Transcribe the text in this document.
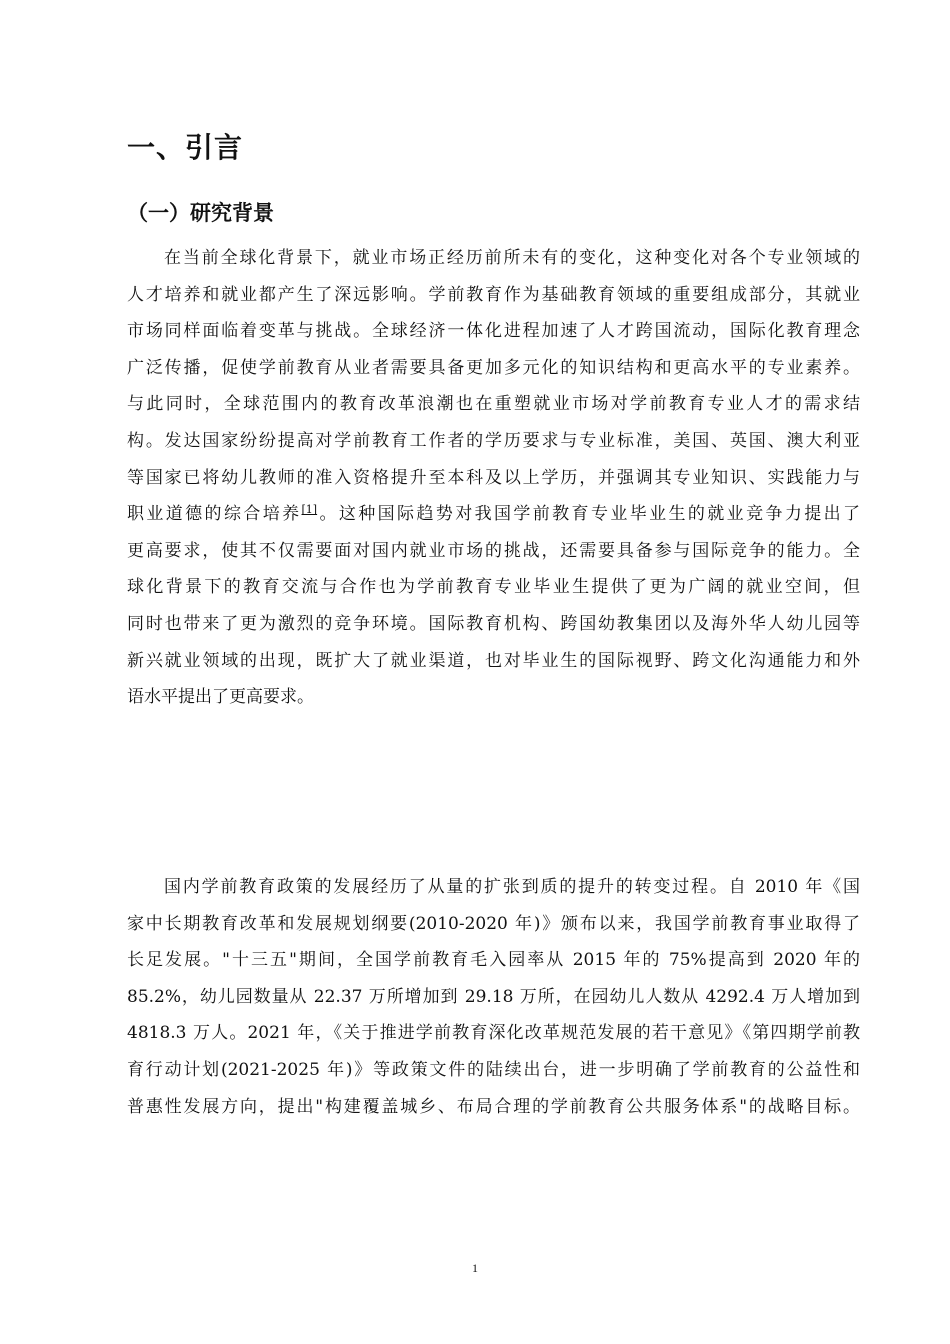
一、引言
（一）研究背景
在当前全球化背景下，就业市场正经历前所未有的变化，这种变化对各个专业领域的
人才培养和就业都产生了深远影响。学前教育作为基础教育领域的重要组成部分，其就业
市场同样面临着变革与挑战。全球经济一体化进程加速了人才跨国流动，国际化教育理念
广泛传播，促使学前教育从业者需要具备更加多元化的知识结构和更高水平的专业素养。
与此同时，全球范围内的教育改革浪潮也在重塑就业市场对学前教育专业人才的需求结
构。发达国家纷纷提高对学前教育工作者的学历要求与专业标准，美国、英国、澳大利亚
等国家已将幼儿教师的准入资格提升至本科及以上学历，并强调其专业知识、实践能力与
职业道德的综合培养[1]。这种国际趋势对我国学前教育专业毕业生的就业竞争力提出了
更高要求，使其不仅需要面对国内就业市场的挑战，还需要具备参与国际竞争的能力。全
球化背景下的教育交流与合作也为学前教育专业毕业生提供了更为广阔的就业空间，但
同时也带来了更为激烈的竞争环境。国际教育机构、跨国幼教集团以及海外华人幼儿园等
新兴就业领域的出现，既扩大了就业渠道，也对毕业生的国际视野、跨文化沟通能力和外
语水平提出了更高要求。
国内学前教育政策的发展经历了从量的扩张到质的提升的转变过程。自 2010 年《国
家中长期教育改革和发展规划纲要(2010-2020 年)》颁布以来，我国学前教育事业取得了
长足发展。"十三五"期间，全国学前教育毛入园率从 2015 年的 75%提高到 2020 年的
85.2%，幼儿园数量从 22.37 万所增加到 29.18 万所，在园幼儿人数从 4292.4 万人增加到
4818.3 万人。2021 年，《关于推进学前教育深化改革规范发展的若干意见》《第四期学前教
育行动计划(2021-2025 年)》等政策文件的陆续出台，进一步明确了学前教育的公益性和
普惠性发展方向，提出"构建覆盖城乡、布局合理的学前教育公共服务体系"的战略目标。
1
